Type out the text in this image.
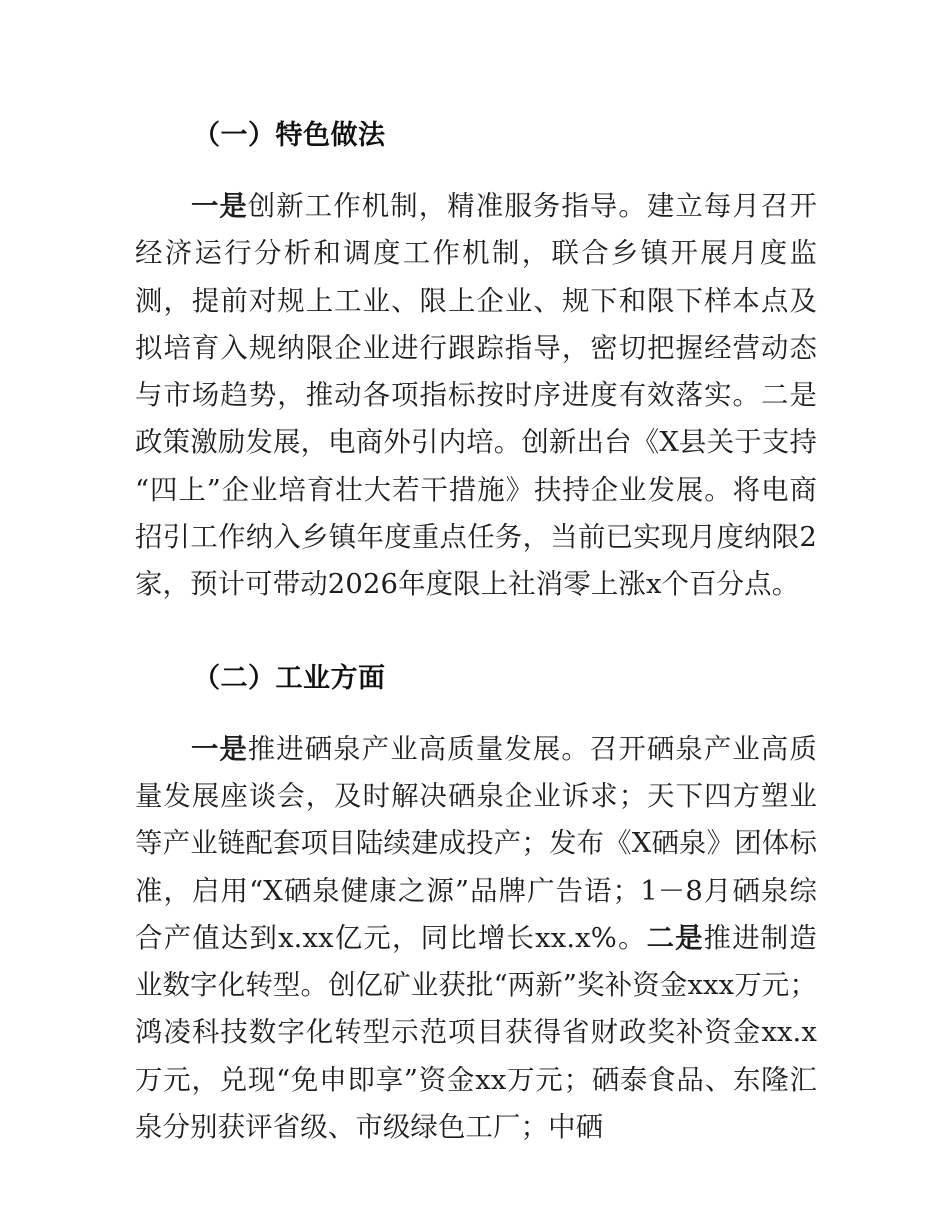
（一）特色做法

一是创新工作机制，精准服务指导。建立每月召开经济运行分析和调度工作机制，联合乡镇开展月度监测，提前对规上工业、限上企业、规下和限下样本点及拟培育入规纳限企业进行跟踪指导，密切把握经营动态与市场趋势，推动各项指标按时序进度有效落实。二是政策激励发展，电商外引内培。创新出台《X县关于支持“四上”企业培育壮大若干措施》扶持企业发展。将电商招引工作纳入乡镇年度重点任务，当前已实现月度纳限2家，预计可带动2026年度限上社消零上涨x个百分点。

（二）工业方面

一是推进硒泉产业高质量发展。召开硒泉产业高质量发展座谈会，及时解决硒泉企业诉求；天下四方塑业等产业链配套项目陆续建成投产；发布《X硒泉》团体标准，启用“X硒泉健康之源”品牌广告语；1－8月硒泉综合产值达到x.xx亿元，同比增长xx.x%。二是推进制造业数字化转型。创亿矿业获批“两新”奖补资金xxx万元；鸿凌科技数字化转型示范项目获得省财政奖补资金xx.x万元，兑现“免申即享”资金xx万元；硒泰食品、东隆汇泉分别获评省级、市级绿色工厂；中硒
